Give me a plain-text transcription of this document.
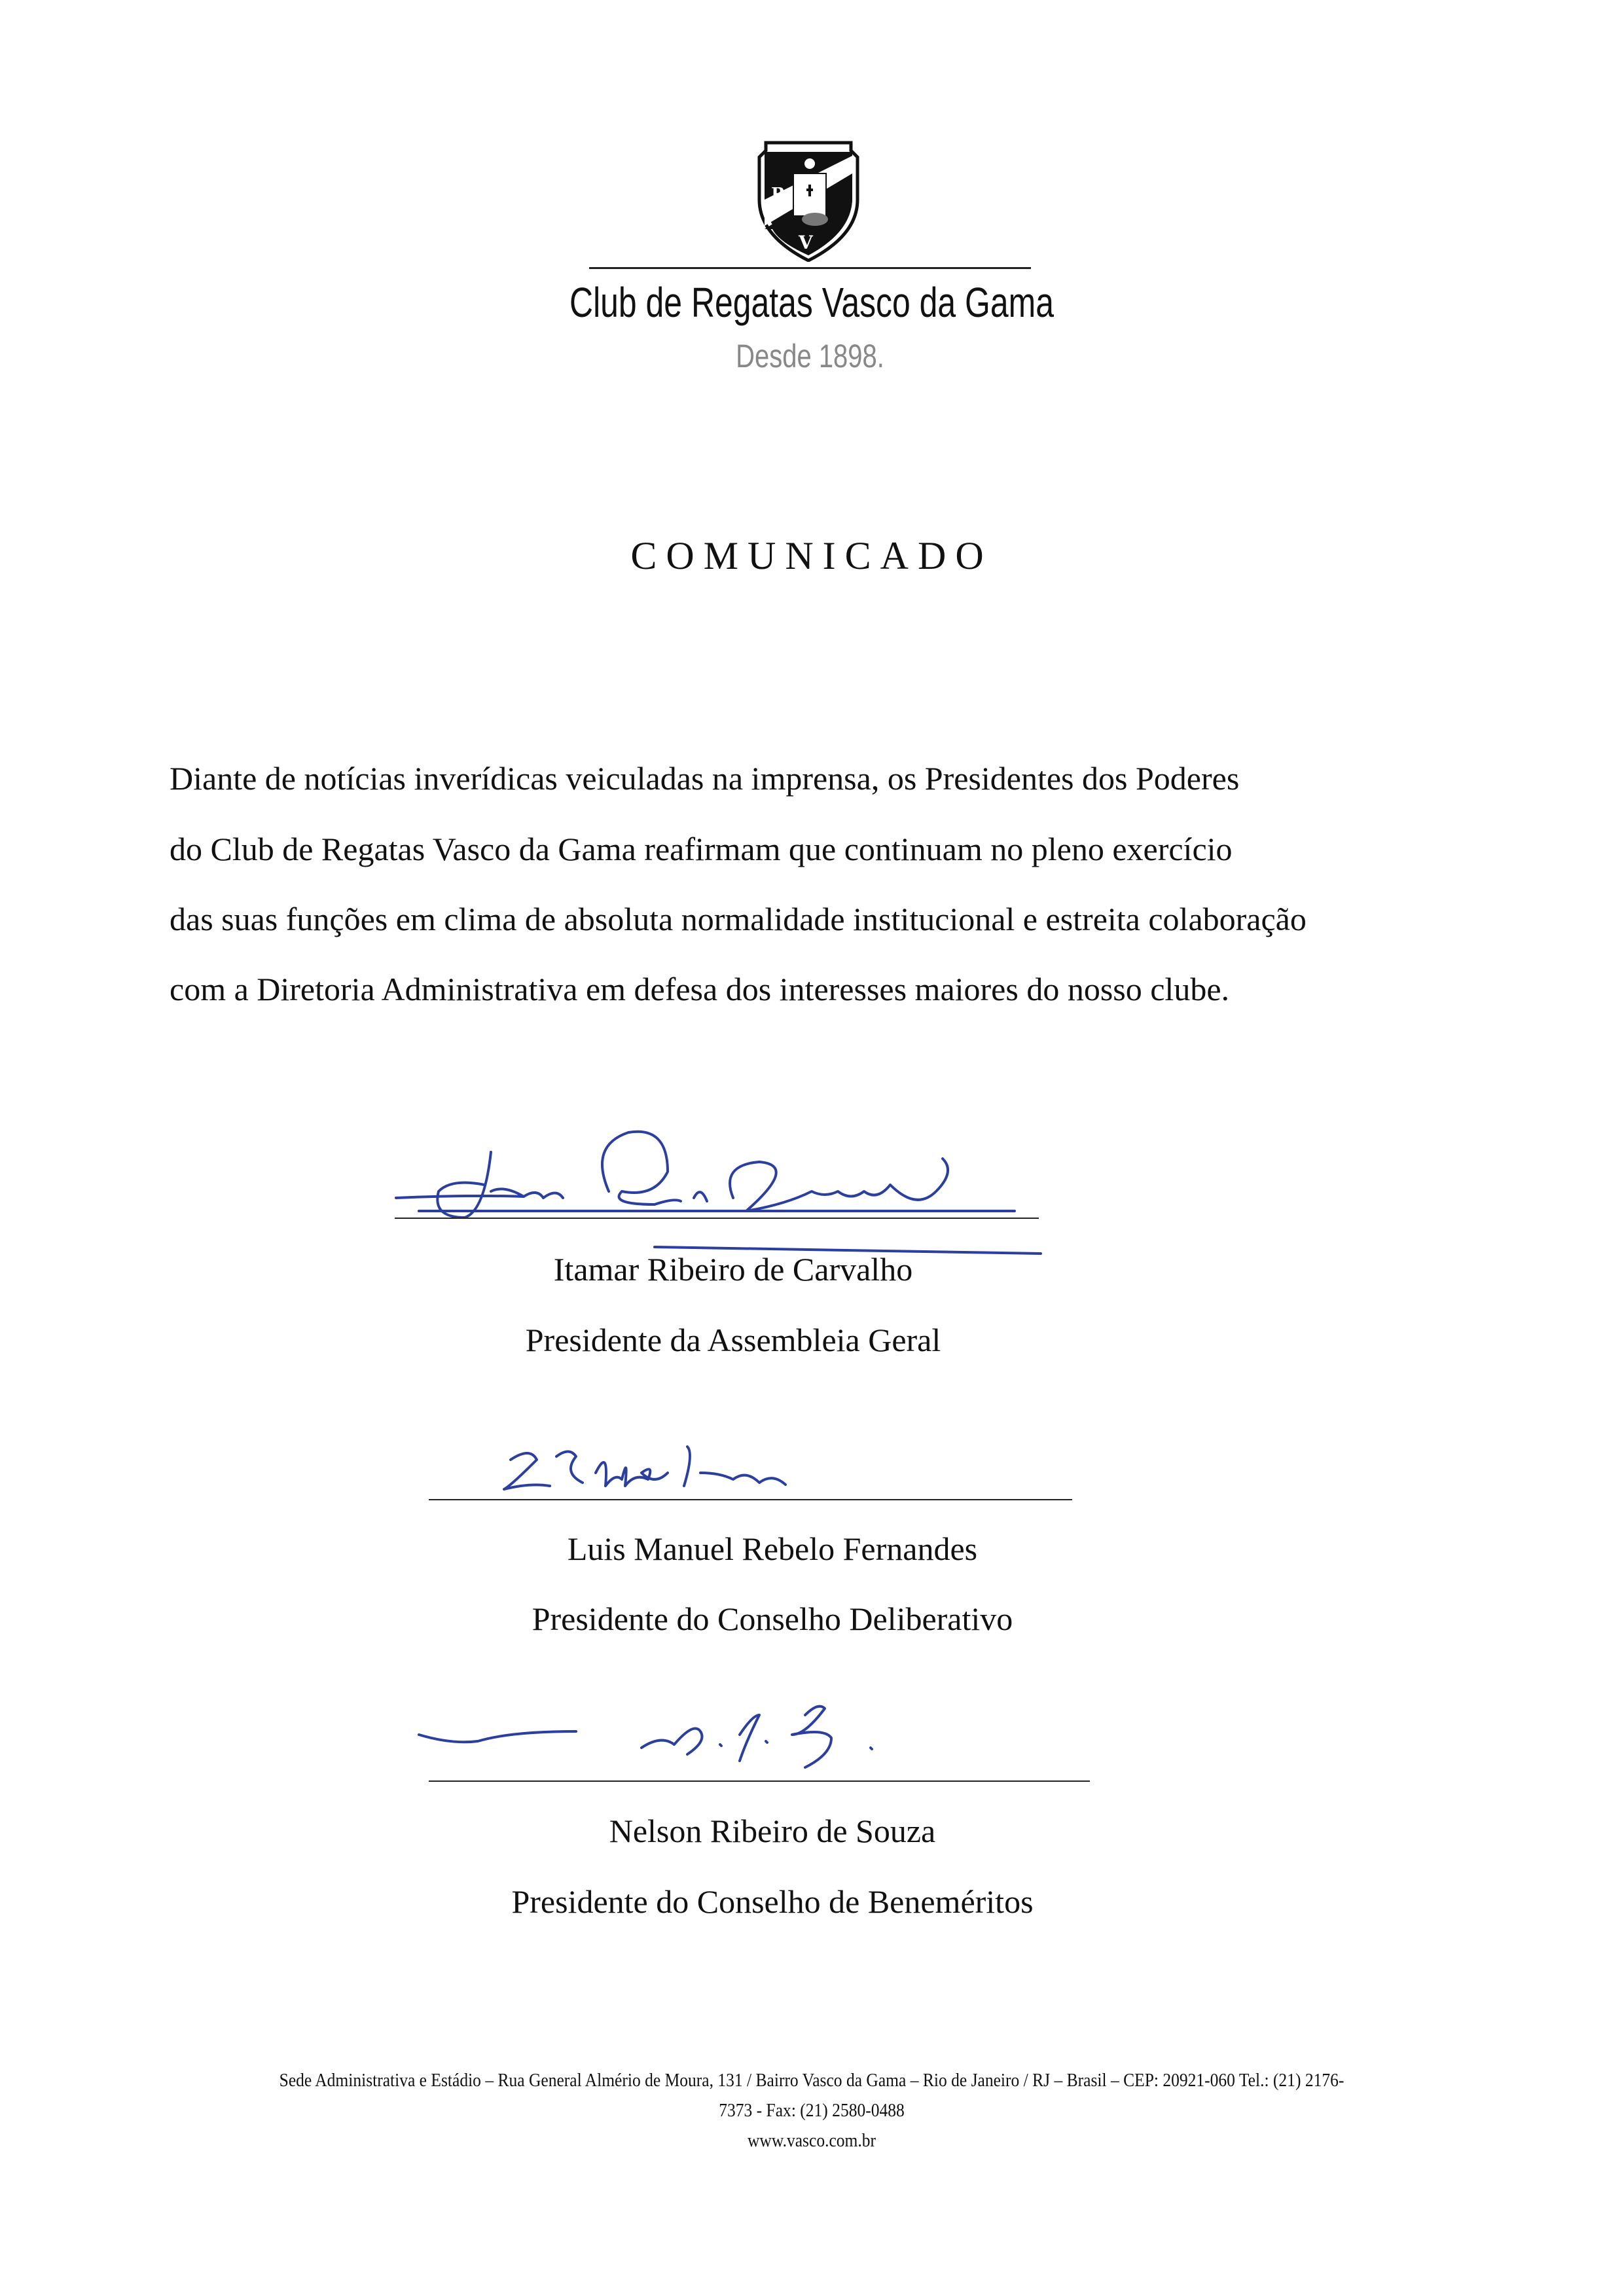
R
V
Club de Regatas Vasco da Gama
Desde 1898.
COMUNICADO
Diante de notícias inverídicas veiculadas na imprensa, os Presidentes dos Poderes
do Club de Regatas Vasco da Gama reafirmam que continuam no pleno exercício
das suas funções em clima de absoluta normalidade institucional e estreita colaboração
com a Diretoria Administrativa em defesa dos interesses maiores do nosso clube.
Itamar Ribeiro de Carvalho
Presidente da Assembleia Geral
Luis Manuel Rebelo Fernandes
Presidente do Conselho Deliberativo
Nelson Ribeiro de Souza
Presidente do Conselho de Beneméritos
Sede Administrativa e Estádio – Rua General Almério de Moura, 131 / Bairro Vasco da Gama – Rio de Janeiro / RJ – Brasil – CEP: 20921-060 Tel.: (21) 2176-
7373 - Fax: (21) 2580-0488
www.vasco.com.br
